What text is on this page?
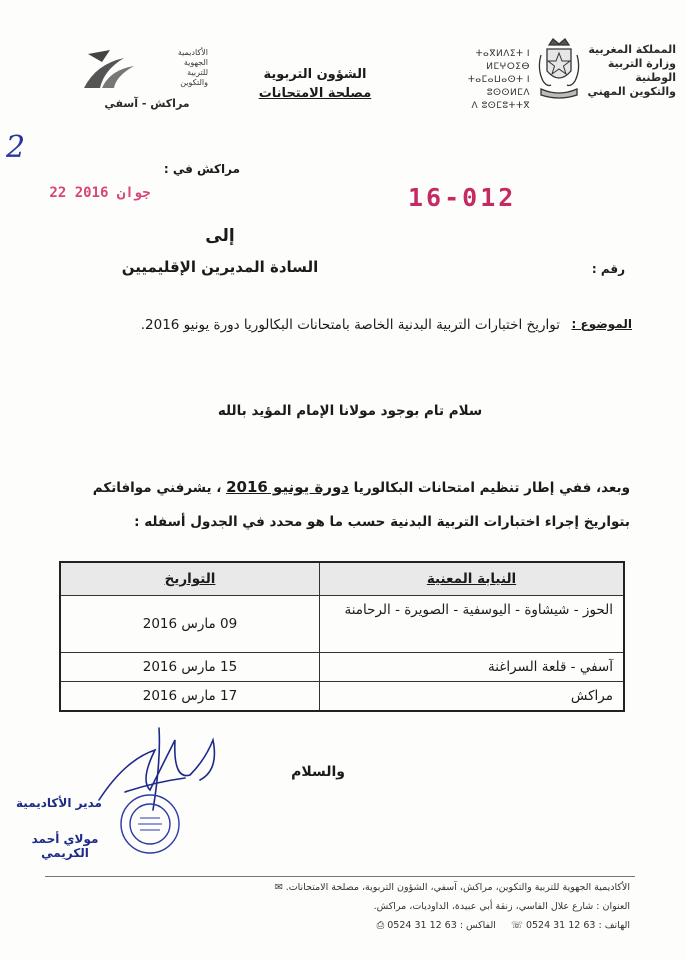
المملكة المغربية
وزارة التربية الوطنية
والتكوين المهني
ⵜⴰⴳⵍⴷⵉⵜ ⵏ ⵍⵎⵖⵔⵉⴱ
ⵜⴰⵎⴰⵡⴰⵙⵜ ⵏ ⵓⵙⵙⵍⵎⴷ
ⴷ ⵓⵙⵎⵓⵜⵜⴳ
الشؤون التربوية
مصلحة الامتحانات
الأكاديمية
الجهوية
للتربية
والتكوين
مراكش - آسفي
2
مراكش في :
22 جوان 2016	16-012
رقم :
إلى
السادة المديرين الإقليميين
الموضوع :
تواريخ اختبارات التربية البدنية الخاصة بامتحانات البكالوريا دورة يونيو 2016.
سلام تام بوجود مولانا الإمام المؤيد بالله
وبعد، ففي إطار تنظيم امتحانات البكالوريا دورة يونيو 2016 ، يشرفني موافاتكم
بتواريخ إجراء اختبارات التربية البدنية حسب ما هو محدد في الجدول أسفله :
النيابة المعنية	التواريخ
الحوز - شيشاوة - اليوسفية - الصويرة - الرحامنة	09 مارس 2016
آسفي - قلعة السراغنة	15 مارس 2016
مراكش	17 مارس 2016
والسلام
مدير الأكاديمية
مولاي أحمد الكريمي
الأكاديمية الجهوية للتربية والتكوين، مراكش، آسفي، الشؤون التربوية، مصلحة الامتحانات. ✉
العنوان : شارع علال الفاسي، زنقة أبي عبيدة، الداوديات، مراكش.
الهاتف : 0524 31 12 63 ☏     الفاكس : 0524 31 12 63 ⎙
